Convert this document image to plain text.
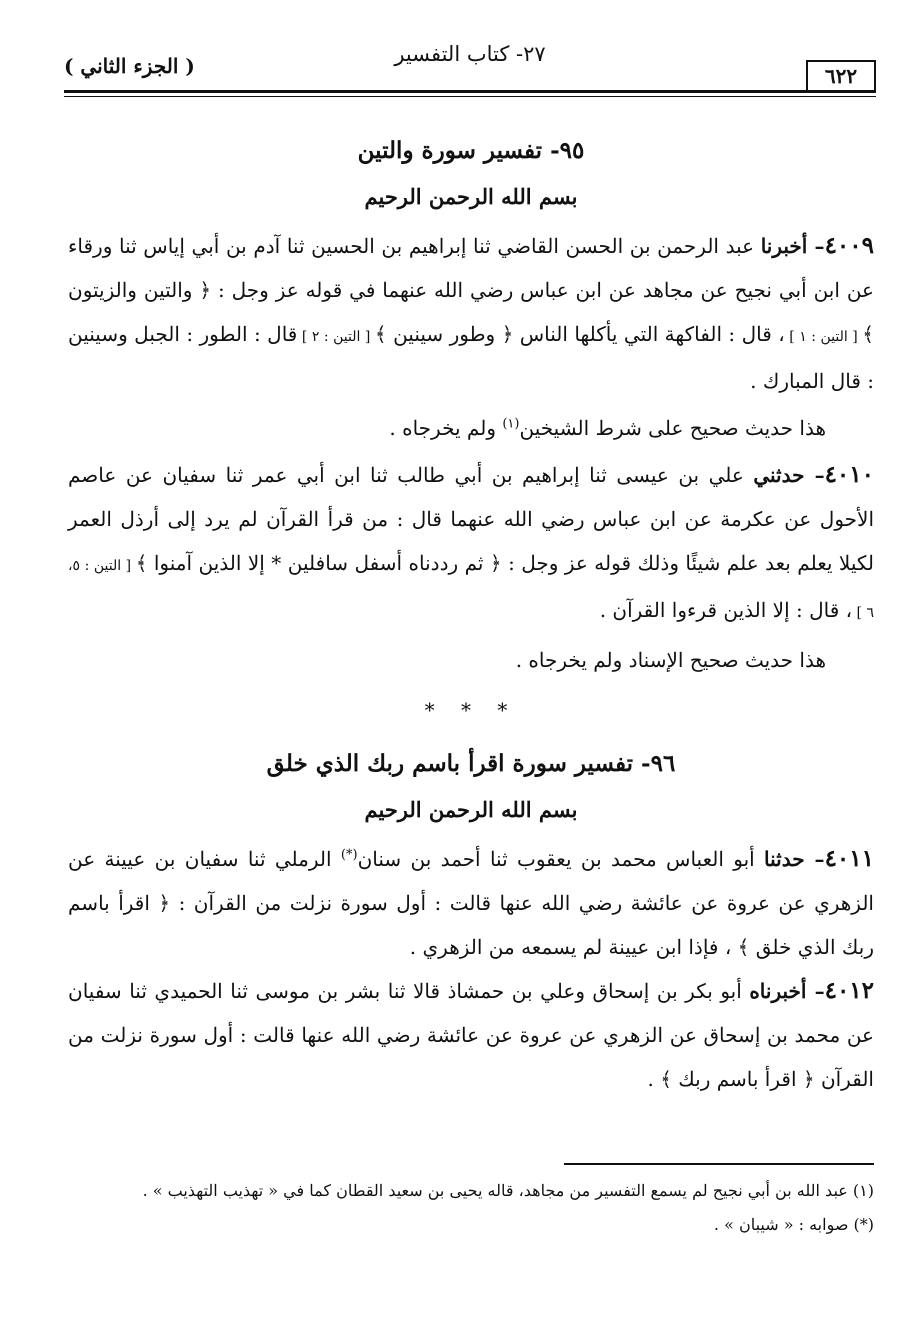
٦٢٢
٢٧- كتاب التفسير
( الجزء الثاني )
٩٥- تفسير سورة والتين
بسم الله الرحمن الرحيم

٤٠٠٩– أخبرنا عبد الرحمن بن الحسن القاضي ثنا إبراهيم بن الحسين ثنا آدم بن أبي إياس ثنا ورقاء عن ابن أبي نجيح عن مجاهد عن ابن عباس رضي الله عنهما في قوله عز وجل : ﴿ والتين والزيتون ﴾ [ التين : ١ ] ، قال : الفاكهة التي يأكلها الناس ﴿ وطور سينين ﴾ [ التين : ٢ ] قال : الطور : الجبل وسينين : قال المبارك .

هذا حديث صحيح على شرط الشيخين$^{(١)}$ ولم يخرجاه .

٤٠١٠– حدثني علي بن عيسى ثنا إبراهيم بن أبي طالب ثنا ابن أبي عمر ثنا سفيان عن عاصم الأحول عن عكرمة عن ابن عباس رضي الله عنهما قال : من قرأ القرآن لم يرد إلى أرذل العمر لكيلا يعلم بعد علم شيئًا وذلك قوله عز وجل : ﴿ ثم رددناه أسفل سافلين * إلا الذين آمنوا ﴾ [ التين : ٥، ٦ ] ، قال : إلا الذين قرءوا القرآن .

هذا حديث صحيح الإسناد ولم يخرجاه .

* * *
٩٦- تفسير سورة اقرأ باسم ربك الذي خلق
بسم الله الرحمن الرحيم

٤٠١١– حدثنا أبو العباس محمد بن يعقوب ثنا أحمد بن سنان(*) الرملي ثنا سفيان بن عيينة عن الزهري عن عروة عن عائشة رضي الله عنها قالت : أول سورة نزلت من القرآن : ﴿ اقرأ باسم ربك الذي خلق ﴾ ، فإذا ابن عيينة لم يسمعه من الزهري .

٤٠١٢– أخبرناه أبو بكر بن إسحاق وعلي بن حمشاذ قالا ثنا بشر بن موسى ثنا الحميدي ثنا سفيان عن محمد بن إسحاق عن الزهري عن عروة عن عائشة رضي الله عنها قالت : أول سورة نزلت من القرآن ﴿ اقرأ باسم ربك ﴾ .

(١) عبد الله بن أبي نجيح لم يسمع التفسير من مجاهد، قاله يحيى بن سعيد القطان كما في « تهذيب التهذيب » .

(*) صوابه : « شيبان » .
